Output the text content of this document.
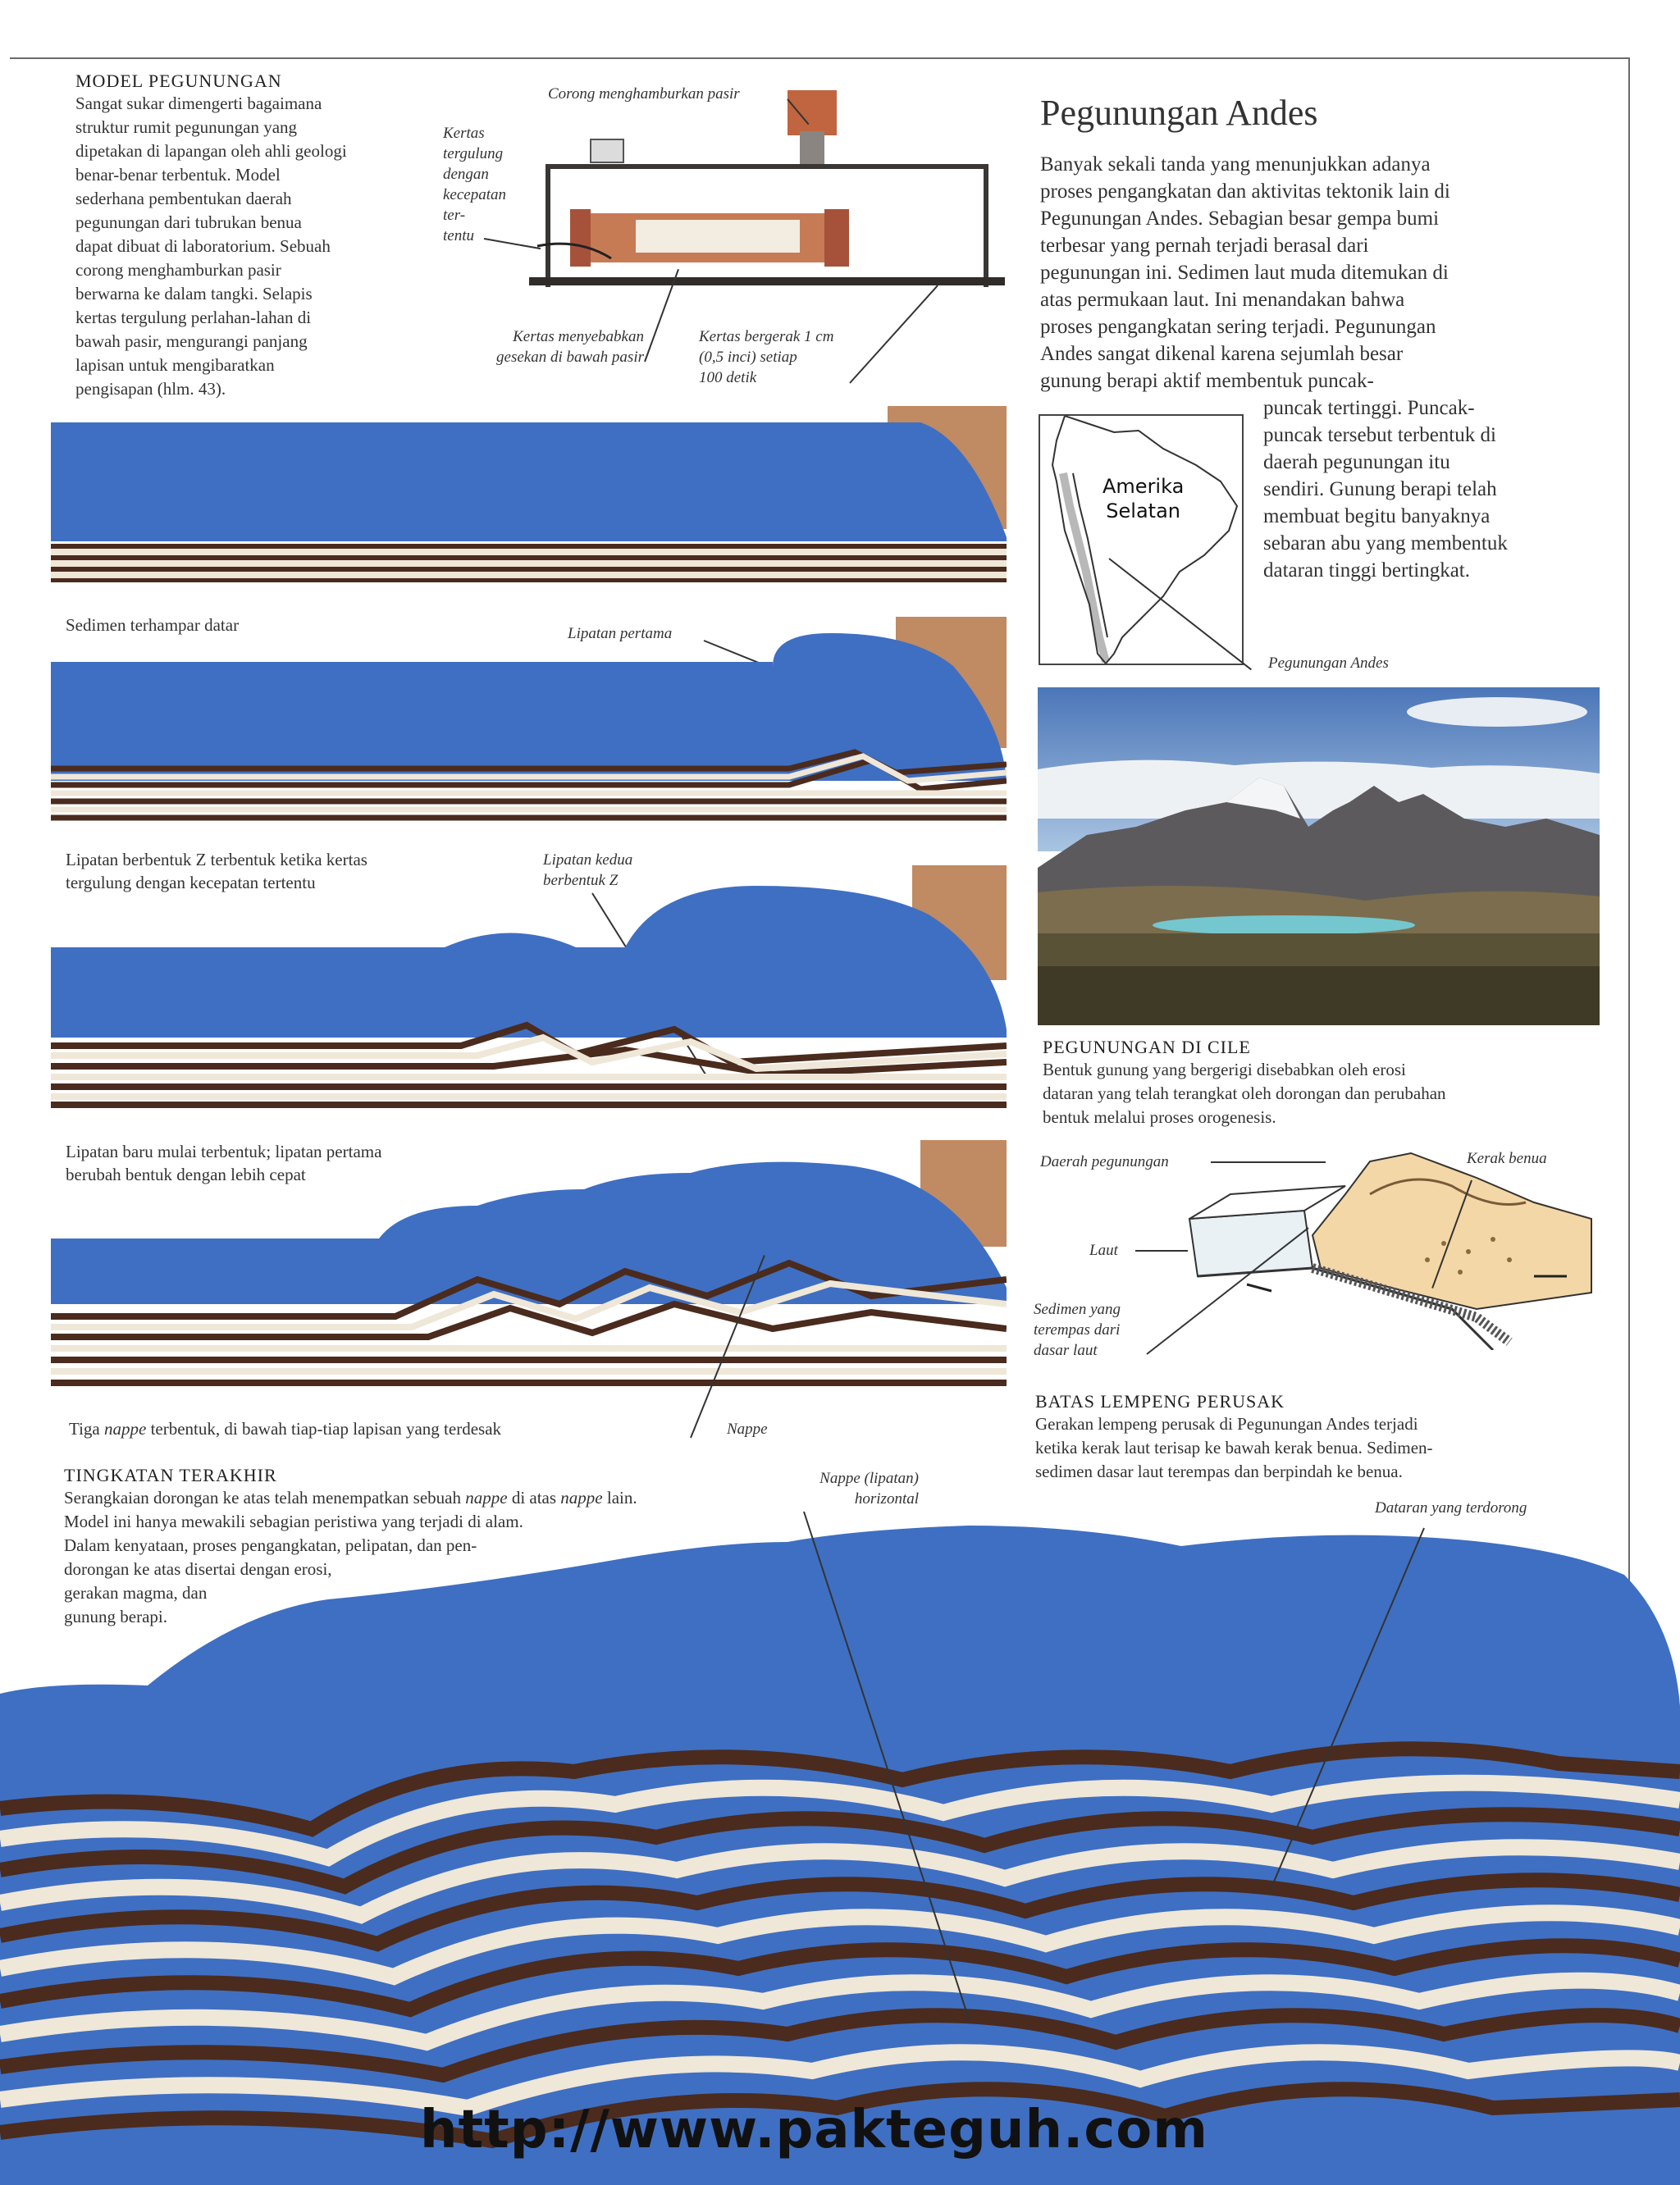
MODEL PEGUNUNGAN
Sangat sukar dimengerti bagaimana
struktur rumit pegunungan yang
dipetakan di lapangan oleh ahli geologi
benar-benar terbentuk. Model
sederhana pembentukan daerah
pegunungan dari tubrukan benua
dapat dibuat di laboratorium. Sebuah
corong menghamburkan pasir
berwarna ke dalam tangki. Selapis
kertas tergulung perlahan-lahan di
bawah pasir, mengurangi panjang
lapisan untuk mengibaratkan
pengisapan (hlm. 43).
Corong menghamburkan pasir
Kertas
tergulung
dengan
kecepatan
ter-
tentu
Kertas menyebabkan
gesekan di bawah pasir
Kertas bergerak 1 cm
(0,5 inci) setiap
100 detik
Sedimen terhampar datar	Lipatan pertama
Lipatan berbentuk Z terbentuk ketika kertas
tergulung dengan kecepatan tertentu
Lipatan kedua
berbentuk Z
Lipatan baru mulai terbentuk; lipatan pertama
berubah bentuk dengan lebih cepat
Tiga nappe terbentuk, di bawah tiap-tiap lapisan yang terdesak	Nappe
TINGKATAN TERAKHIR
Serangkaian dorongan ke atas telah menempatkan sebuah nappe di atas nappe lain.
Model ini hanya mewakili sebagian peristiwa yang terjadi di alam.
Dalam kenyataan, proses pengangkatan, pelipatan, dan pen-
dorongan ke atas disertai dengan erosi,
gerakan magma, dan
gunung berapi.
Nappe (lipatan)
horizontal
Dataran yang terdorong
Pegunungan Andes
Banyak sekali tanda yang menunjukkan adanya
proses pengangkatan dan aktivitas tektonik lain di
Pegunungan Andes. Sebagian besar gempa bumi
terbesar yang pernah terjadi berasal dari
pegunungan ini. Sedimen laut muda ditemukan di
atas permukaan laut. Ini menandakan bahwa
proses pengangkatan sering terjadi. Pegunungan
Andes sangat dikenal karena sejumlah besar
gunung berapi aktif membentuk puncak-
puncak tertinggi. Puncak-
puncak tersebut terbentuk di
daerah pegunungan itu
sendiri. Gunung berapi telah
membuat begitu banyaknya
sebaran abu yang membentuk
dataran tinggi bertingkat.
Amerika
Selatan
Pegunungan Andes
PEGUNUNGAN DI CILE
Bentuk gunung yang bergerigi disebabkan oleh erosi
dataran yang telah terangkat oleh dorongan dan perubahan
bentuk melalui proses orogenesis.
Daerah pegunungan	Kerak benua
Laut
Sedimen yang
terempas dari
dasar laut
BATAS LEMPENG PERUSAK
Gerakan lempeng perusak di Pegunungan Andes terjadi
ketika kerak laut terisap ke bawah kerak benua. Sedimen-
sedimen dasar laut terempas dan berpindah ke benua.
http://www.pakteguh.com
